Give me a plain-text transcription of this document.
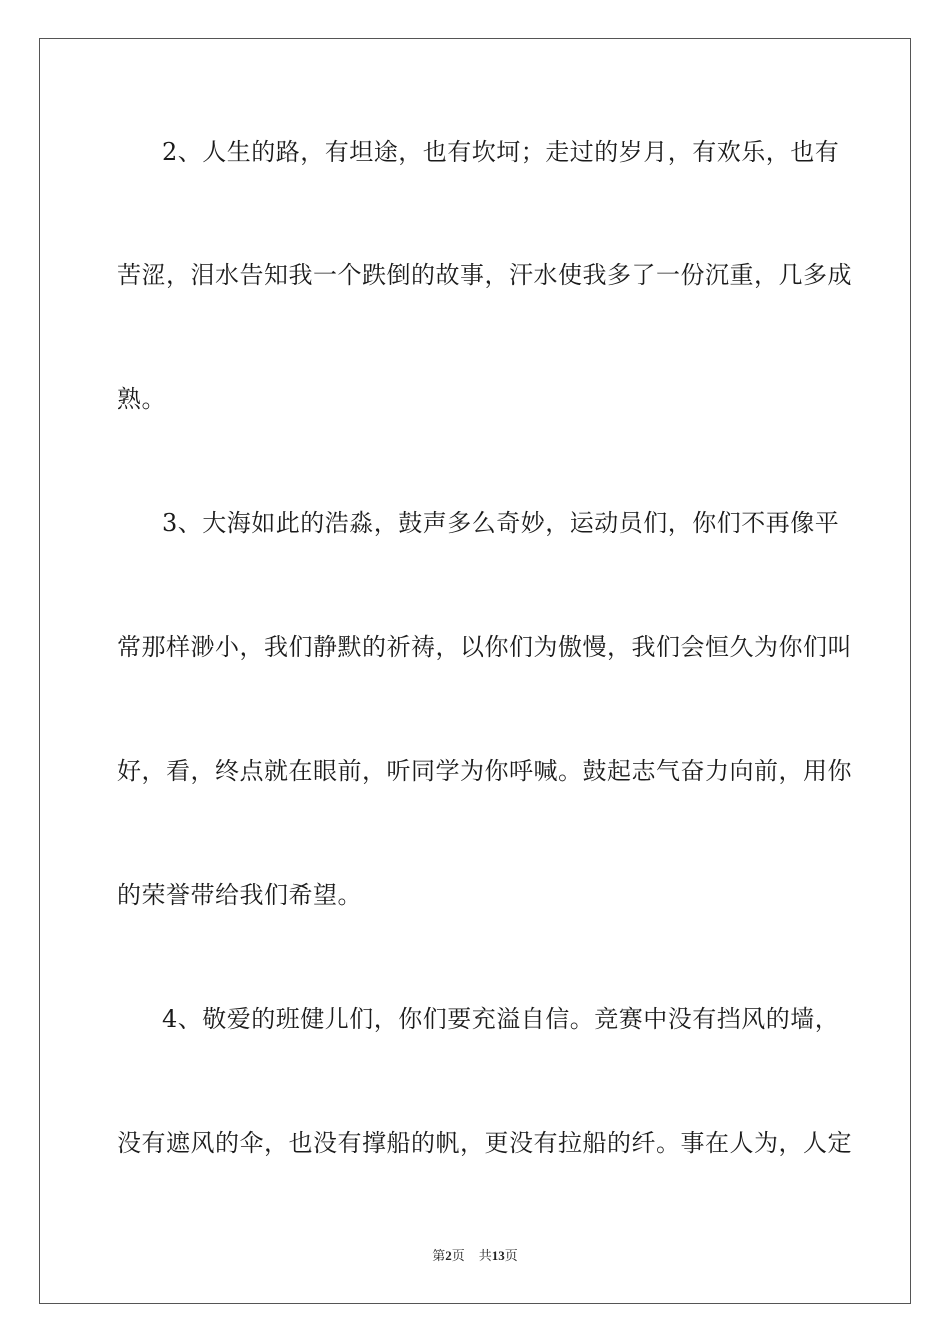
2、人生的路，有坦途，也有坎坷；走过的岁月，有欢乐，也有
苦涩，泪水告知我一个跌倒的故事，汗水使我多了一份沉重，几多成
熟。
3、大海如此的浩淼，鼓声多么奇妙，运动员们，你们不再像平
常那样渺小，我们静默的祈祷，以你们为傲慢，我们会恒久为你们叫
好，看，终点就在眼前，听同学为你呼喊。鼓起志气奋力向前，用你
的荣誉带给我们希望。
4、敬爱的班健儿们，你们要充溢自信。竞赛中没有挡风的墙，
没有遮风的伞，也没有撑船的帆，更没有拉船的纤。事在人为，人定
第2页 共13页
